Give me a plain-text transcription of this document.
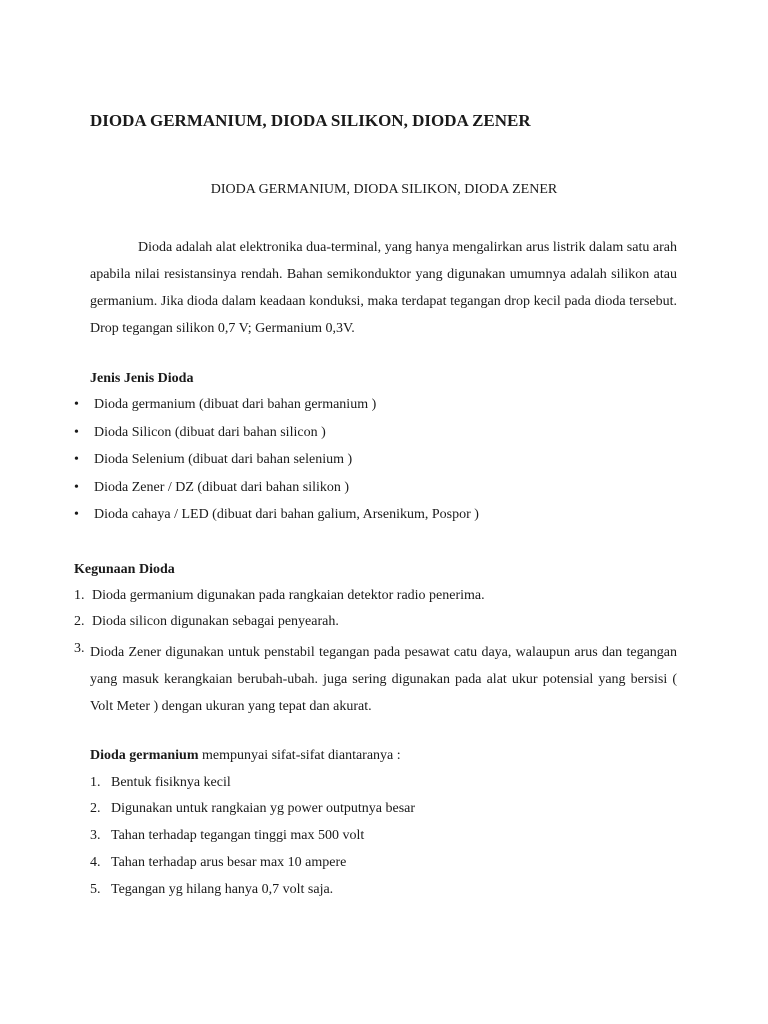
DIODA GERMANIUM, DIODA SILIKON, DIODA ZENER
DIODA GERMANIUM, DIODA SILIKON, DIODA ZENER
Dioda adalah alat elektronika dua-terminal, yang hanya mengalirkan arus listrik dalam satu arah apabila nilai resistansinya rendah. Bahan semikonduktor yang digunakan umumnya adalah silikon atau germanium. Jika dioda dalam keadaan konduksi, maka terdapat tegangan drop kecil pada dioda tersebut. Drop tegangan silikon 0,7 V; Germanium 0,3V.
Jenis Jenis Dioda
• Dioda germanium (dibuat dari bahan germanium )
• Dioda Silicon (dibuat dari bahan silicon )
• Dioda Selenium (dibuat dari bahan selenium )
• Dioda Zener / DZ (dibuat dari bahan silikon )
• Dioda cahaya / LED (dibuat dari bahan galium, Arsenikum, Pospor )
Kegunaan Dioda
1. Dioda germanium digunakan pada rangkaian detektor radio penerima.
2. Dioda silicon digunakan sebagai penyearah.
3. Dioda Zener digunakan untuk penstabil tegangan pada pesawat catu daya, walaupun arus dan tegangan yang masuk kerangkaian berubah-ubah. juga sering digunakan pada alat ukur potensial yang bersisi ( Volt Meter ) dengan ukuran yang tepat dan akurat.
Dioda germanium mempunyai sifat-sifat diantaranya :
1. Bentuk fisiknya kecil
2. Digunakan untuk rangkaian yg power outputnya besar
3. Tahan terhadap tegangan tinggi max 500 volt
4. Tahan terhadap arus besar max 10 ampere
5. Tegangan yg hilang hanya 0,7 volt saja.
